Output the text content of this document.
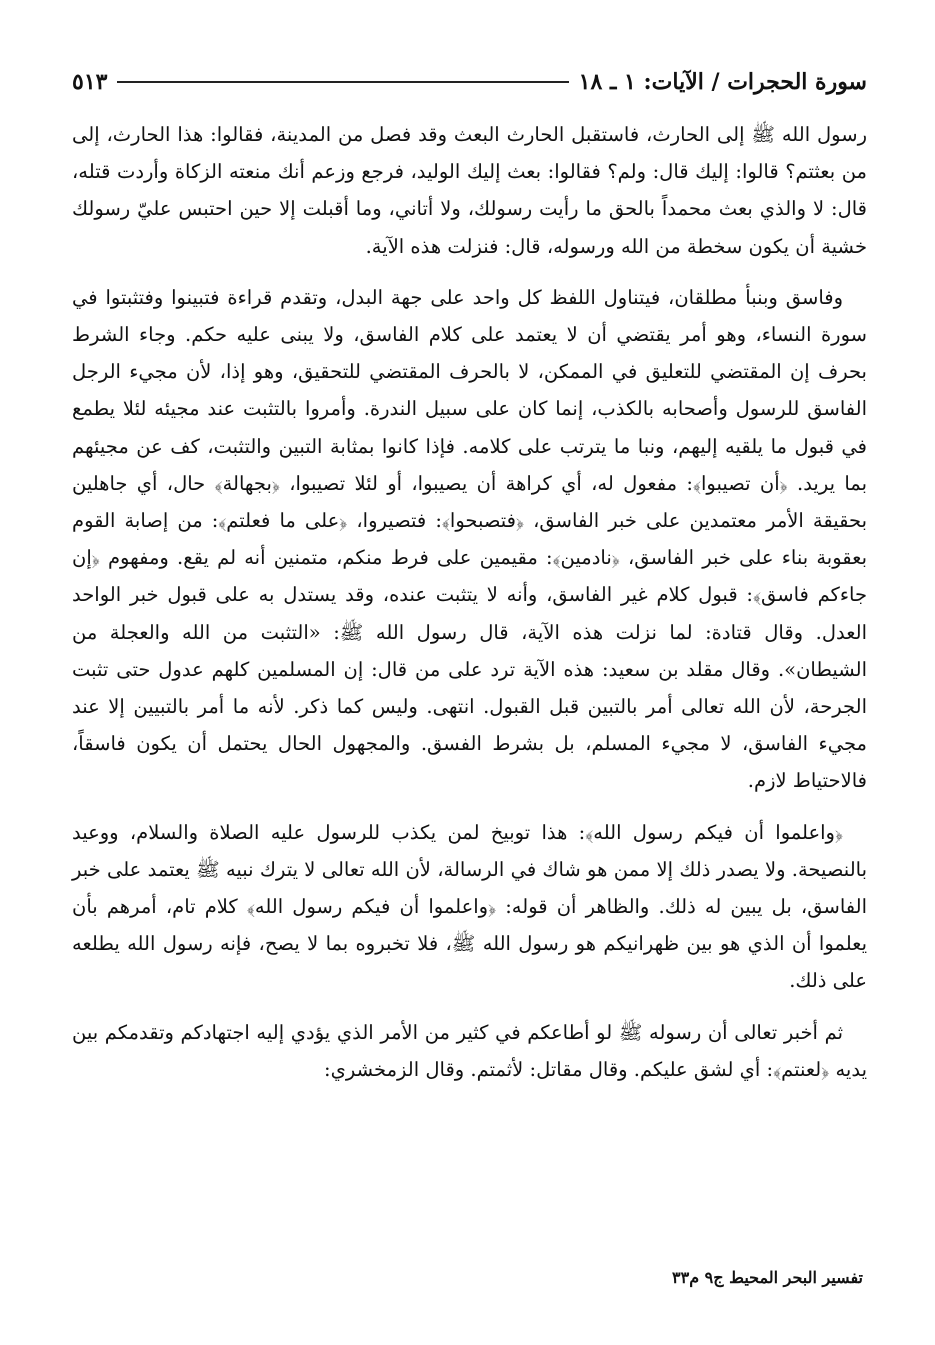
سورة الحجرات / الآيات: ١ ـ ١٨
٥١٣

رسول الله ﷺ إلى الحارث، فاستقبل الحارث البعث وقد فصل من المدينة، فقالوا: هذا الحارث، إلى من بعثتم؟ قالوا: إليك قال: ولم؟ فقالوا: بعث إليك الوليد، فرجع وزعم أنك منعته الزكاة وأردت قتله، قال: لا والذي بعث محمداً بالحق ما رأيت رسولك، ولا أتاني، وما أقبلت إلا حين احتبس عليّ رسولك خشية أن يكون سخطة من الله ورسوله، قال: فنزلت هذه الآية.

وفاسق وبنبأ مطلقان، فيتناول اللفظ كل واحد على جهة البدل، وتقدم قراءة فتبينوا وفتثبتوا في سورة النساء، وهو أمر يقتضي أن لا يعتمد على كلام الفاسق، ولا يبنى عليه حكم. وجاء الشرط بحرف إن المقتضي للتعليق في الممكن، لا بالحرف المقتضي للتحقيق، وهو إذا، لأن مجيء الرجل الفاسق للرسول وأصحابه بالكذب، إنما كان على سبيل الندرة. وأمروا بالتثبت عند مجيئه لئلا يطمع في قبول ما يلقيه إليهم، ونبا ما يترتب على كلامه. فإذا كانوا بمثابة التبين والتثبت، كف عن مجيئهم بما يريد. ﴿أن تصيبوا﴾: مفعول له، أي كراهة أن يصيبوا، أو لئلا تصيبوا، ﴿بجهالة﴾ حال، أي جاهلين بحقيقة الأمر معتمدين على خبر الفاسق، ﴿فتصبحوا﴾: فتصيروا، ﴿على ما فعلتم﴾: من إصابة القوم بعقوبة بناء على خبر الفاسق، ﴿نادمين﴾: مقيمين على فرط منكم، متمنين أنه لم يقع. ومفهوم ﴿إن جاءكم فاسق﴾: قبول كلام غير الفاسق، وأنه لا يتثبت عنده، وقد يستدل به على قبول خبر الواحد العدل. وقال قتادة: لما نزلت هذه الآية، قال رسول الله ﷺ: «التثبت من الله والعجلة من الشيطان». وقال مقلد بن سعيد: هذه الآية ترد على من قال: إن المسلمين كلهم عدول حتى تثبت الجرحة، لأن الله تعالى أمر بالتبين قبل القبول. انتهى. وليس كما ذكر. لأنه ما أمر بالتبيين إلا عند مجيء الفاسق، لا مجيء المسلم، بل بشرط الفسق. والمجهول الحال يحتمل أن يكون فاسقاً، فالاحتياط لازم.

﴿واعلموا أن فيكم رسول الله﴾: هذا توبيخ لمن يكذب للرسول عليه الصلاة والسلام، ووعيد بالنصيحة. ولا يصدر ذلك إلا ممن هو شاك في الرسالة، لأن الله تعالى لا يترك نبيه ﷺ يعتمد على خبر الفاسق، بل يبين له ذلك. والظاهر أن قوله: ﴿واعلموا أن فيكم رسول الله﴾ كلام تام، أمرهم بأن يعلموا أن الذي هو بين ظهرانيكم هو رسول الله ﷺ، فلا تخبروه بما لا يصح، فإنه رسول الله يطلعه على ذلك.

ثم أخبر تعالى أن رسوله ﷺ لو أطاعكم في كثير من الأمر الذي يؤدي إليه اجتهادكم وتقدمكم بين يديه ﴿لعنتم﴾: أي لشق عليكم. وقال مقاتل: لأثمتم. وقال الزمخشري:

تفسير البحر المحيط ج٩ م٣٣
